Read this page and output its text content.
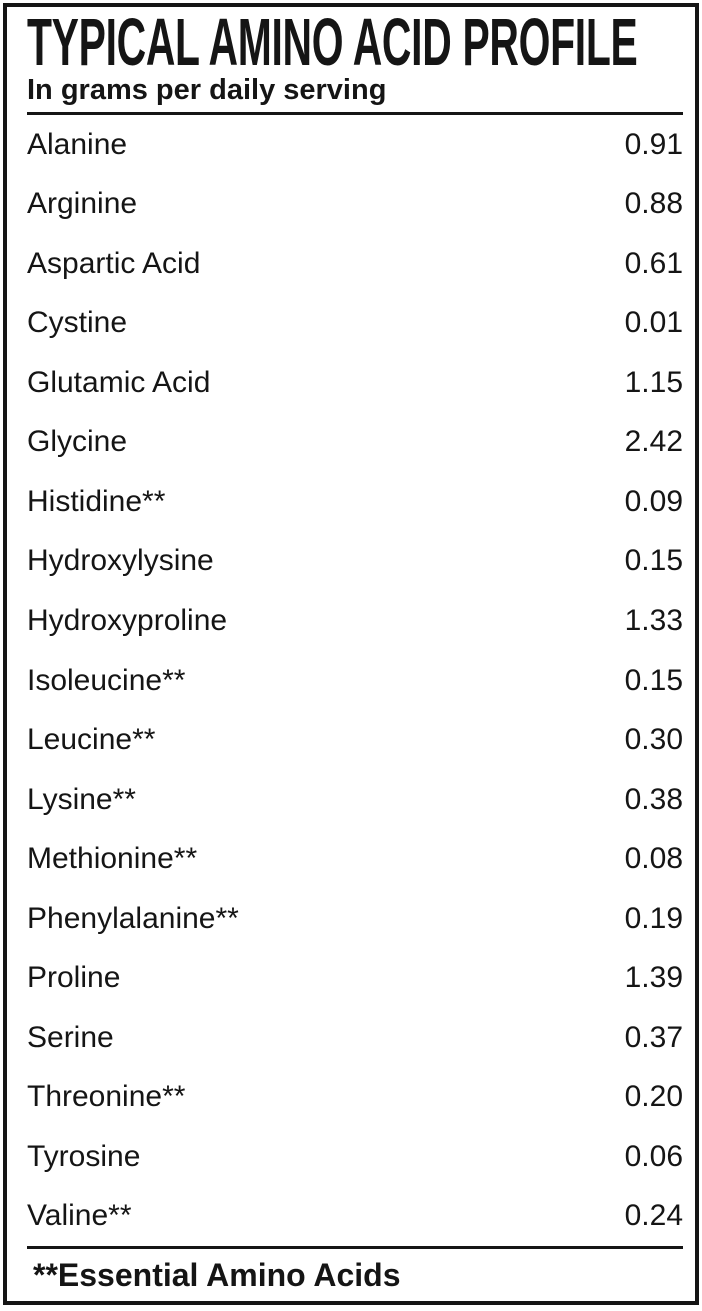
TYPICAL AMINO ACID PROFILE
In grams per daily serving
Alanine	0.91
Arginine	0.88
Aspartic Acid	0.61
Cystine	0.01
Glutamic Acid	1.15
Glycine	2.42
Histidine**	0.09
Hydroxylysine	0.15
Hydroxyproline	1.33
Isoleucine**	0.15
Leucine**	0.30
Lysine**	0.38
Methionine**	0.08
Phenylalanine**	0.19
Proline	1.39
Serine	0.37
Threonine**	0.20
Tyrosine	0.06
Valine**	0.24
**Essential Amino Acids
